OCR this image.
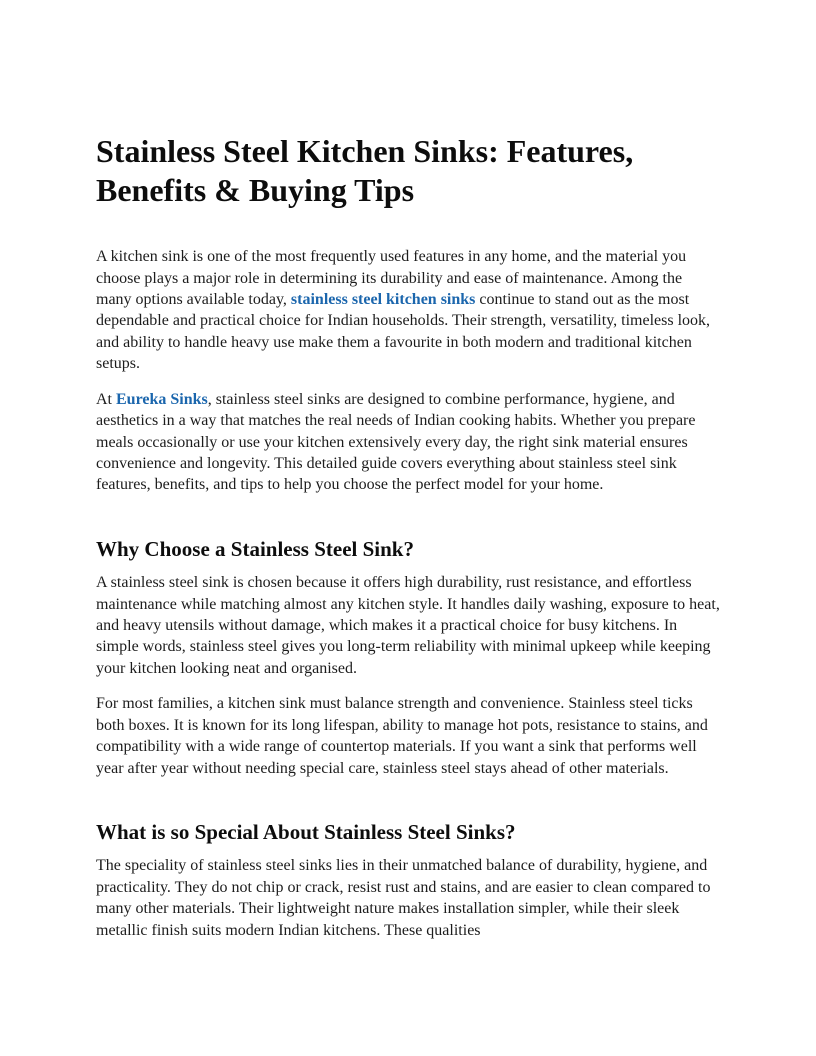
Stainless Steel Kitchen Sinks: Features, Benefits & Buying Tips

A kitchen sink is one of the most frequently used features in any home, and the material you choose plays a major role in determining its durability and ease of maintenance. Among the many options available today, stainless steel kitchen sinks continue to stand out as the most dependable and practical choice for Indian households. Their strength, versatility, timeless look, and ability to handle heavy use make them a favourite in both modern and traditional kitchen setups.

At Eureka Sinks, stainless steel sinks are designed to combine performance, hygiene, and aesthetics in a way that matches the real needs of Indian cooking habits. Whether you prepare meals occasionally or use your kitchen extensively every day, the right sink material ensures convenience and longevity. This detailed guide covers everything about stainless steel sink features, benefits, and tips to help you choose the perfect model for your home.

Why Choose a Stainless Steel Sink?

A stainless steel sink is chosen because it offers high durability, rust resistance, and effortless maintenance while matching almost any kitchen style. It handles daily washing, exposure to heat, and heavy utensils without damage, which makes it a practical choice for busy kitchens. In simple words, stainless steel gives you long-term reliability with minimal upkeep while keeping your kitchen looking neat and organised.

For most families, a kitchen sink must balance strength and convenience. Stainless steel ticks both boxes. It is known for its long lifespan, ability to manage hot pots, resistance to stains, and compatibility with a wide range of countertop materials. If you want a sink that performs well year after year without needing special care, stainless steel stays ahead of other materials.

What is so Special About Stainless Steel Sinks?

The speciality of stainless steel sinks lies in their unmatched balance of durability, hygiene, and practicality. They do not chip or crack, resist rust and stains, and are easier to clean compared to many other materials. Their lightweight nature makes installation simpler, while their sleek metallic finish suits modern Indian kitchens. These qualities
